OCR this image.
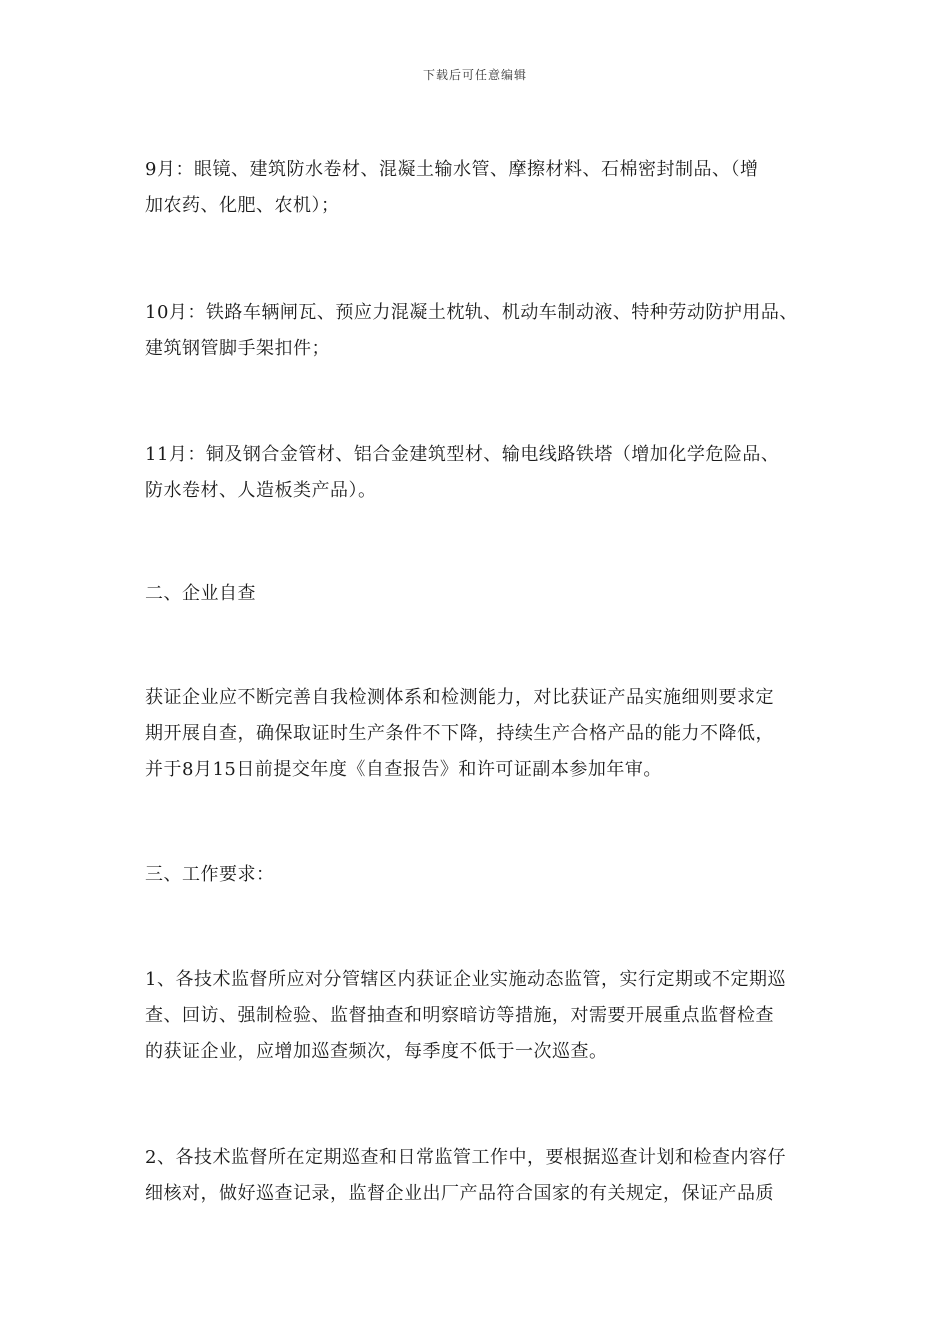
下载后可任意编辑

9月：眼镜、建筑防水卷材、混凝土输水管、摩擦材料、石棉密封制品、（增
加农药、化肥、农机）；

10月：铁路车辆闸瓦、预应力混凝土枕轨、机动车制动液、特种劳动防护用品、
建筑钢管脚手架扣件；

11月：铜及钢合金管材、铝合金建筑型材、输电线路铁塔（增加化学危险品、
防水卷材、人造板类产品）。

二、企业自查

获证企业应不断完善自我检测体系和检测能力，对比获证产品实施细则要求定
期开展自查，确保取证时生产条件不下降，持续生产合格产品的能力不降低，
并于8月15日前提交年度《自查报告》和许可证副本参加年审。

三、工作要求：

1、各技术监督所应对分管辖区内获证企业实施动态监管，实行定期或不定期巡
查、回访、强制检验、监督抽查和明察暗访等措施，对需要开展重点监督检查
的获证企业，应增加巡查频次，每季度不低于一次巡查。

2、各技术监督所在定期巡查和日常监管工作中，要根据巡查计划和检查内容仔
细核对，做好巡查记录，监督企业出厂产品符合国家的有关规定，保证产品质
